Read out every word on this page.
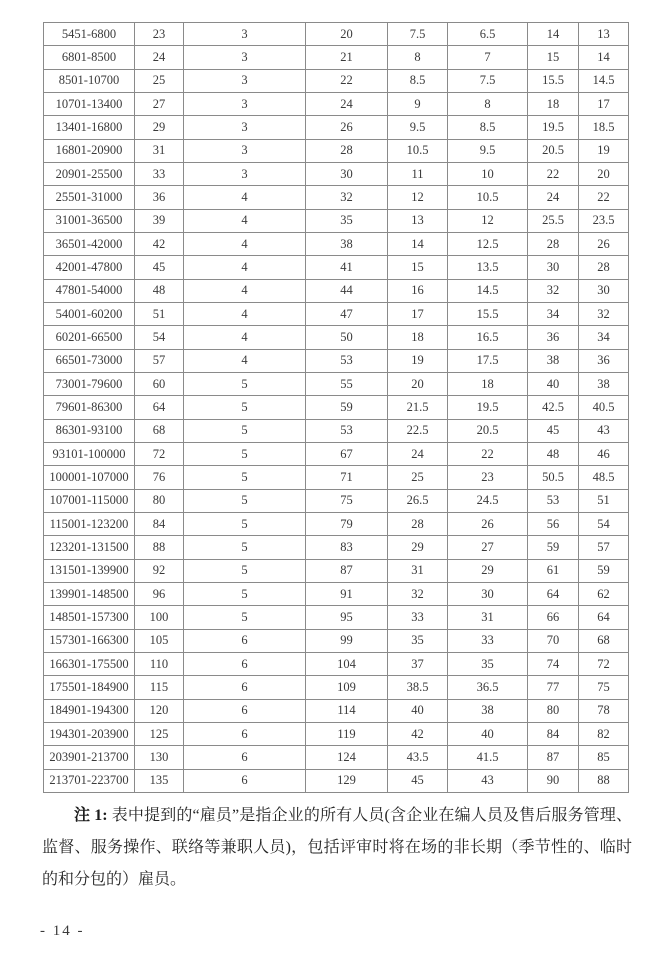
5451-6800	23	3	20	7.5	6.5	14	13
6801-8500	24	3	21	8	7	15	14
8501-10700	25	3	22	8.5	7.5	15.5	14.5
10701-13400	27	3	24	9	8	18	17
13401-16800	29	3	26	9.5	8.5	19.5	18.5
16801-20900	31	3	28	10.5	9.5	20.5	19
20901-25500	33	3	30	11	10	22	20
25501-31000	36	4	32	12	10.5	24	22
31001-36500	39	4	35	13	12	25.5	23.5
36501-42000	42	4	38	14	12.5	28	26
42001-47800	45	4	41	15	13.5	30	28
47801-54000	48	4	44	16	14.5	32	30
54001-60200	51	4	47	17	15.5	34	32
60201-66500	54	4	50	18	16.5	36	34
66501-73000	57	4	53	19	17.5	38	36
73001-79600	60	5	55	20	18	40	38
79601-86300	64	5	59	21.5	19.5	42.5	40.5
86301-93100	68	5	53	22.5	20.5	45	43
93101-100000	72	5	67	24	22	48	46
100001-107000	76	5	71	25	23	50.5	48.5
107001-115000	80	5	75	26.5	24.5	53	51
115001-123200	84	5	79	28	26	56	54
123201-131500	88	5	83	29	27	59	57
131501-139900	92	5	87	31	29	61	59
139901-148500	96	5	91	32	30	64	62
148501-157300	100	5	95	33	31	66	64
157301-166300	105	6	99	35	33	70	68
166301-175500	110	6	104	37	35	74	72
175501-184900	115	6	109	38.5	36.5	77	75
184901-194300	120	6	114	40	38	80	78
194301-203900	125	6	119	42	40	84	82
203901-213700	130	6	124	43.5	41.5	87	85
213701-223700	135	6	129	45	43	90	88

注 1: 表中提到的“雇员”是指企业的所有人员(含企业在编人员及售后服务管理、监督、服务操作、联络等兼职人员)，包括评审时将在场的非长期（季节性的、临时的和分包的）雇员。

- 14 -
